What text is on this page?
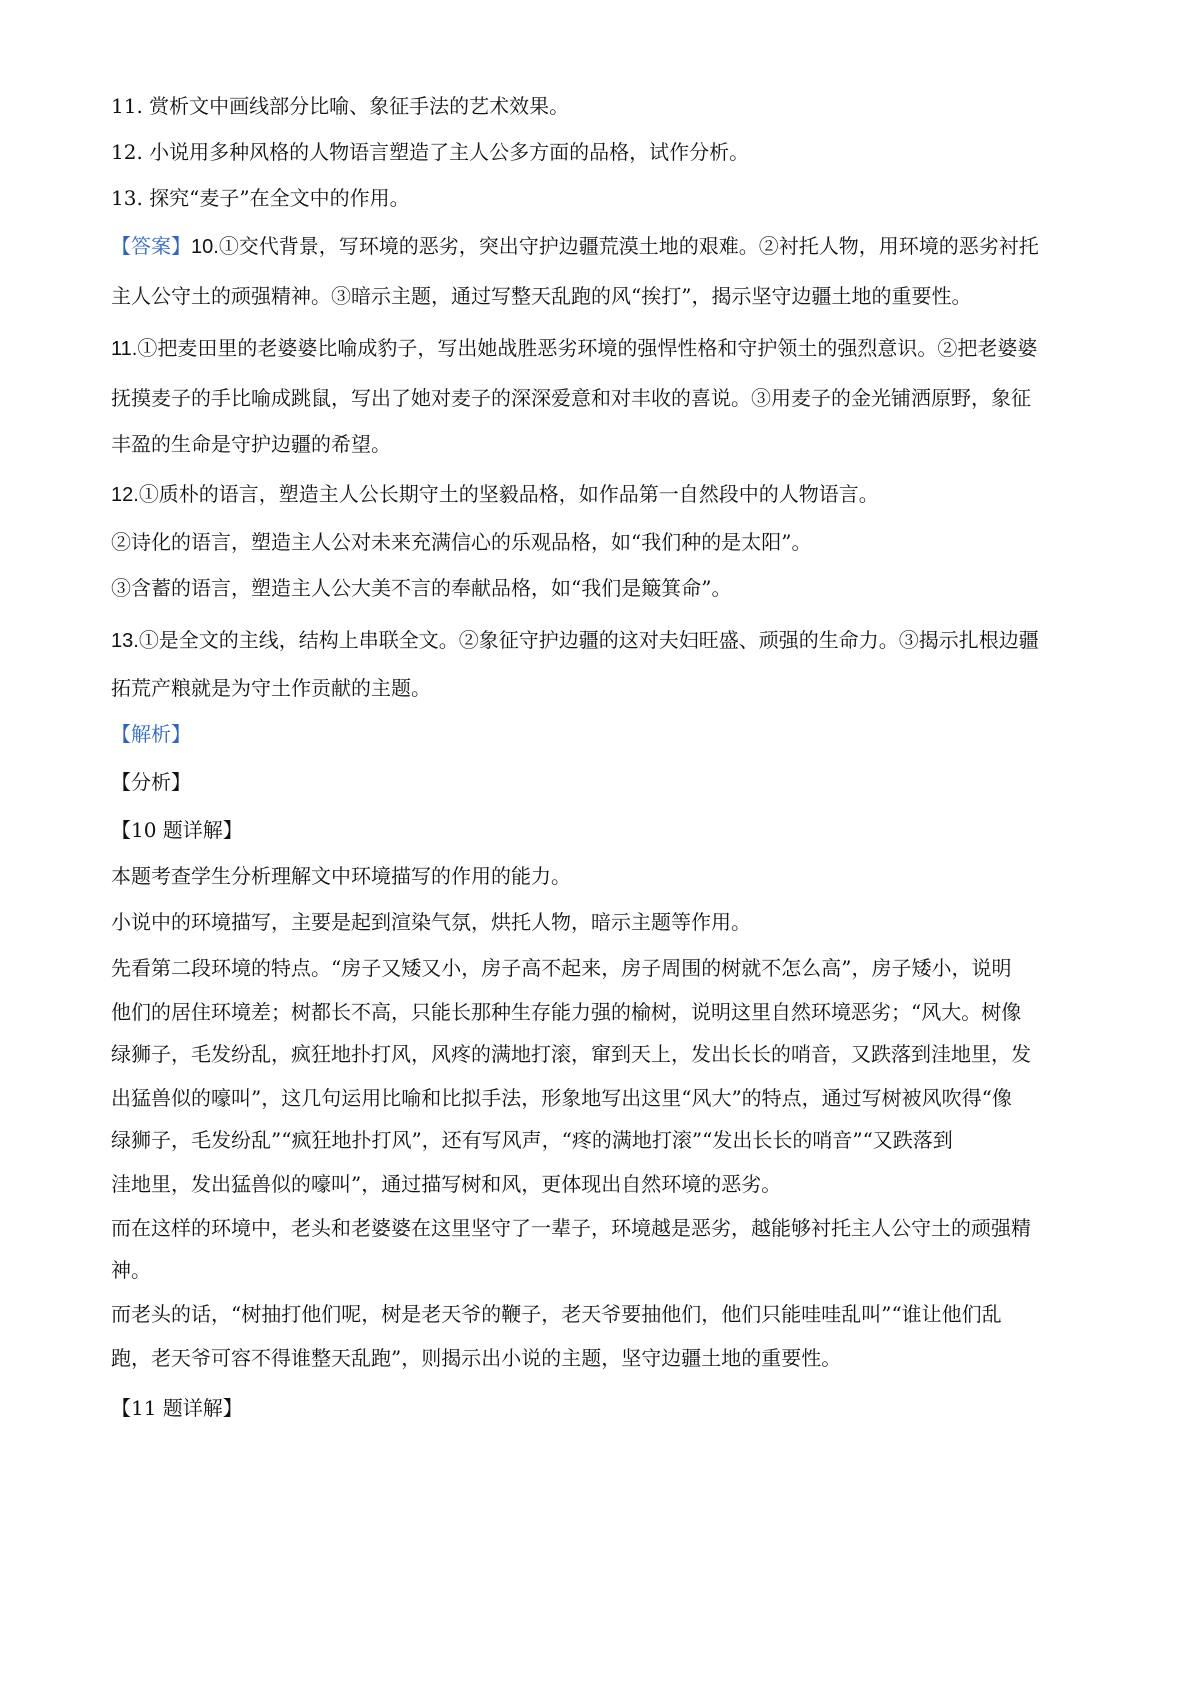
11. 赏析文中画线部分比喻、象征手法的艺术效果。
12. 小说用多种风格的人物语言塑造了主人公多方面的品格，试作分析。
13. 探究“麦子”在全文中的作用。
【答案】10.①交代背景，写环境的恶劣，突出守护边疆荒漠土地的艰难。②衬托人物，用环境的恶劣衬托
主人公守土的顽强精神。③暗示主题，通过写整天乱跑的风“挨打”，揭示坚守边疆土地的重要性。
11.①把麦田里的老婆婆比喻成豹子，写出她战胜恶劣环境的强悍性格和守护领土的强烈意识。②把老婆婆
抚摸麦子的手比喻成跳鼠，写出了她对麦子的深深爱意和对丰收的喜说。③用麦子的金光铺洒原野，象征
丰盈的生命是守护边疆的希望。
12.①质朴的语言，塑造主人公长期守土的坚毅品格，如作品第一自然段中的人物语言。
②诗化的语言，塑造主人公对未来充满信心的乐观品格，如“我们种的是太阳”。
③含蓄的语言，塑造主人公大美不言的奉献品格，如“我们是簸箕命”。
13.①是全文的主线，结构上串联全文。②象征守护边疆的这对夫妇旺盛、顽强的生命力。③揭示扎根边疆
拓荒产粮就是为守土作贡献的主题。
【解析】
【分析】
【10 题详解】
本题考查学生分析理解文中环境描写的作用的能力。
小说中的环境描写，主要是起到渲染气氛，烘托人物，暗示主题等作用。
先看第二段环境的特点。“房子又矮又小，房子高不起来，房子周围的树就不怎么高”，房子矮小，说明
他们的居住环境差；树都长不高，只能长那种生存能力强的榆树，说明这里自然环境恶劣；“风大。树像
绿狮子，毛发纷乱，疯狂地扑打风，风疼的满地打滚，窜到天上，发出长长的哨音，又跌落到洼地里，发
出猛兽似的嚎叫”，这几句运用比喻和比拟手法，形象地写出这里“风大”的特点，通过写树被风吹得“像
绿狮子，毛发纷乱”“疯狂地扑打风”，还有写风声，“疼的满地打滚”“发出长长的哨音”“又跌落到
洼地里，发出猛兽似的嚎叫”，通过描写树和风，更体现出自然环境的恶劣。
而在这样的环境中，老头和老婆婆在这里坚守了一辈子，环境越是恶劣，越能够衬托主人公守土的顽强精
神。
而老头的话，“树抽打他们呢，树是老天爷的鞭子，老天爷要抽他们，他们只能哇哇乱叫”“谁让他们乱
跑，老天爷可容不得谁整天乱跑”，则揭示出小说的主题，坚守边疆土地的重要性。
【11 题详解】
